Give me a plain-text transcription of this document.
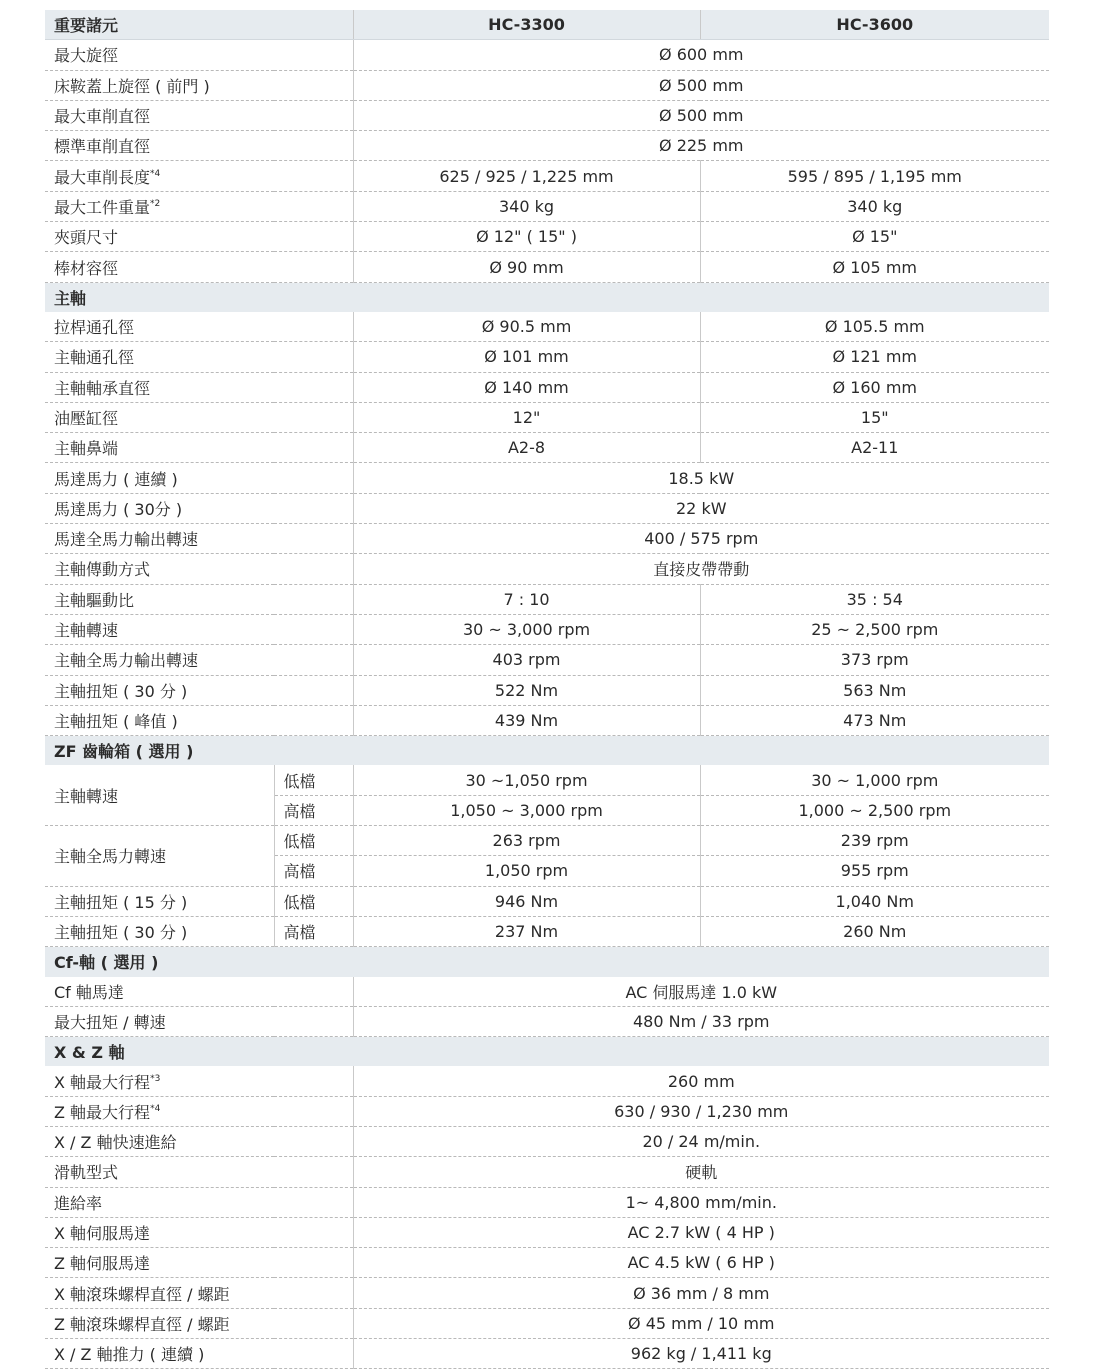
重要諸元		HC-3300	HC-3600
最大旋徑		Ø 600 mm	
床鞍蓋上旋徑 ( 前門 )		Ø 500 mm	
最大車削直徑		Ø 500 mm	
標準車削直徑		Ø 225 mm	
最大車削長度$^{*4}$		625 / 925 / 1,225 mm	595 / 895 / 1,195 mm
最大工件重量$^{*2}$		340 kg	340 kg
夾頭尺寸		Ø 12" ( 15" )	Ø 15"
棒材容徑		Ø 90 mm	Ø 105 mm
主軸			
拉桿通孔徑		Ø 90.5 mm	Ø 105.5 mm
主軸通孔徑		Ø 101 mm	Ø 121 mm
主軸軸承直徑		Ø 140 mm	Ø 160 mm
油壓缸徑		12"	15"
主軸鼻端		A2-8	A2-11
馬達馬力 ( 連續 )		18.5 kW	
馬達馬力 ( 30分 )		22 kW	
馬達全馬力輸出轉速		400 / 575 rpm	
主軸傳動方式		直接皮帶帶動	
主軸驅動比		7 : 10	35 : 54
主軸轉速		30 ~ 3,000 rpm	25 ~ 2,500 rpm
主軸全馬力輸出轉速		403 rpm	373 rpm
主軸扭矩 ( 30 分 )		522 Nm	563 Nm
主軸扭矩 ( 峰值 )		439 Nm	473 Nm
ZF 齒輪箱 ( 選用 )			
主軸轉速	低檔	30 ~1,050 rpm	30 ~ 1,000 rpm
	高檔	1,050 ~ 3,000 rpm	1,000 ~ 2,500 rpm
主軸全馬力轉速	低檔	263 rpm	239 rpm
	高檔	1,050 rpm	955 rpm
主軸扭矩 ( 15 分 )	低檔	946 Nm	1,040 Nm
主軸扭矩 ( 30 分 )	高檔	237 Nm	260 Nm
Cf-軸 ( 選用 )			
Cf 軸馬達		AC 伺服馬達 1.0 kW	
最大扭矩 / 轉速		480 Nm / 33 rpm	
X & Z 軸			
X 軸最大行程$^{*3}$		260 mm	
Z 軸最大行程$^{*4}$		630 / 930 / 1,230 mm	
X / Z 軸快速進給		20 / 24 m/min.	
滑軌型式		硬軌	
進給率		1~ 4,800 mm/min.	
X 軸伺服馬達		AC 2.7 kW ( 4 HP )	
Z 軸伺服馬達		AC 4.5 kW ( 6 HP )	
X 軸滾珠螺桿直徑 / 螺距		Ø 36 mm / 8 mm	
Z 軸滾珠螺桿直徑 / 螺距		Ø 45 mm / 10 mm	
X / Z 軸推力 ( 連續 )		962 kg / 1,411 kg	
